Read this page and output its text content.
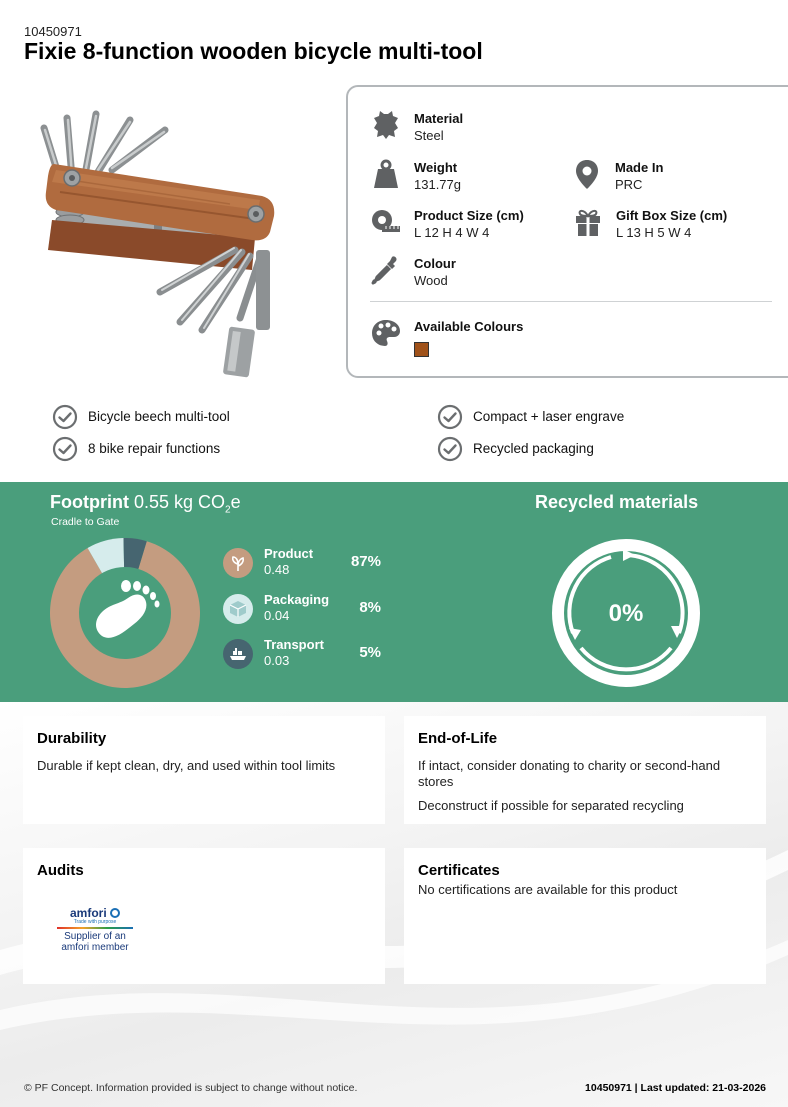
10450971
Fixie 8-function wooden bicycle multi-tool
Material
Steel
Weight
131.77g
Made In
PRC
Product Size (cm)
L 12 H 4 W 4
Gift Box Size (cm)
L 13 H 5 W 4
Colour
Wood
Available Colours
Bicycle beech multi-tool
8 bike repair functions
Compact + laser engrave
Recycled packaging
Footprint 0.55 kg $CO_2e$
Cradle to Gate
Product
0.48	87%
Packaging
0.04	8%
Transport
0.03	5%
Recycled materials
0%
Durability

Durable if kept clean, dry, and used within tool limits

End-of-Life

If intact, consider donating to charity or second-hand stores

Deconstruct if possible for separated recycling

Audits
amfori
Trade with purpose
Supplier of an
amfori member
Certificates

No certifications are available for this product

© PF Concept. Information provided is subject to change without notice.	10450971 | Last updated: 21-03-2026
